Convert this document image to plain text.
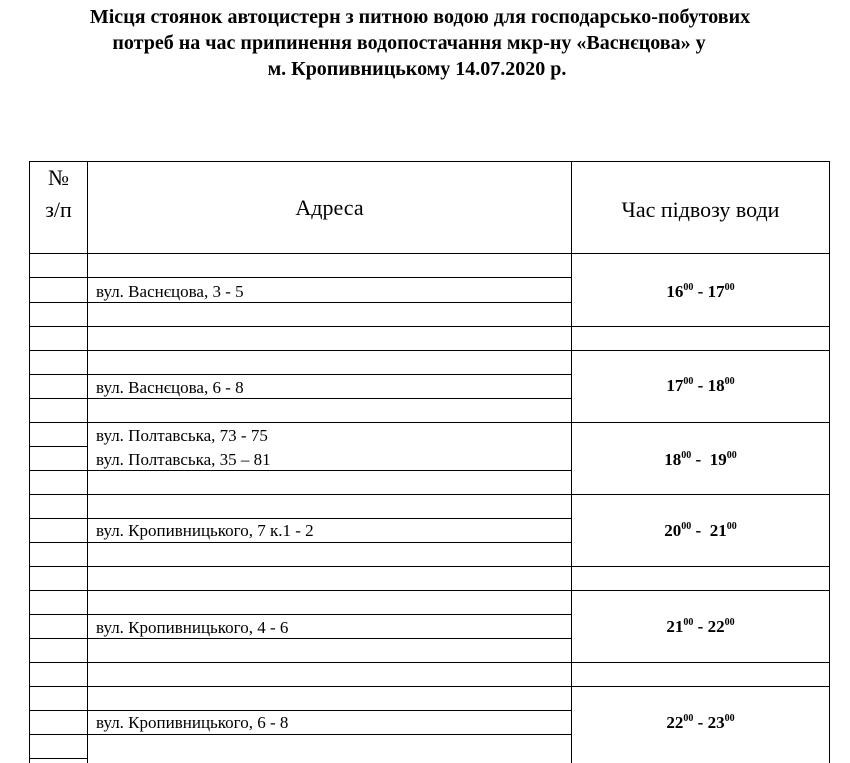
Місця стоянок автоцистерн з питною водою для господарсько-побутових
потреб на час припинення водопостачання мкр-ну «Васнєцова» у
м. Кропивницькому 14.07.2020 р.
№
з/п	Адреса	Час підвозу води
вул. Васнєцова, 3 - 5	$16^{00} - 17^{00}$
вул. Васнєцова, 6 - 8	$17^{00} - 18^{00}$
вул. Полтавська, 73 - 75
вул. Полтавська, 35 – 81	$18^{00} - 19^{00}$
вул. Кропивницького, 7 к.1 - 2	$20^{00} - 21^{00}$
вул. Кропивницького, 4 - 6	$21^{00} - 22^{00}$
вул. Кропивницького, 6 - 8	$22^{00} - 23^{00}$
